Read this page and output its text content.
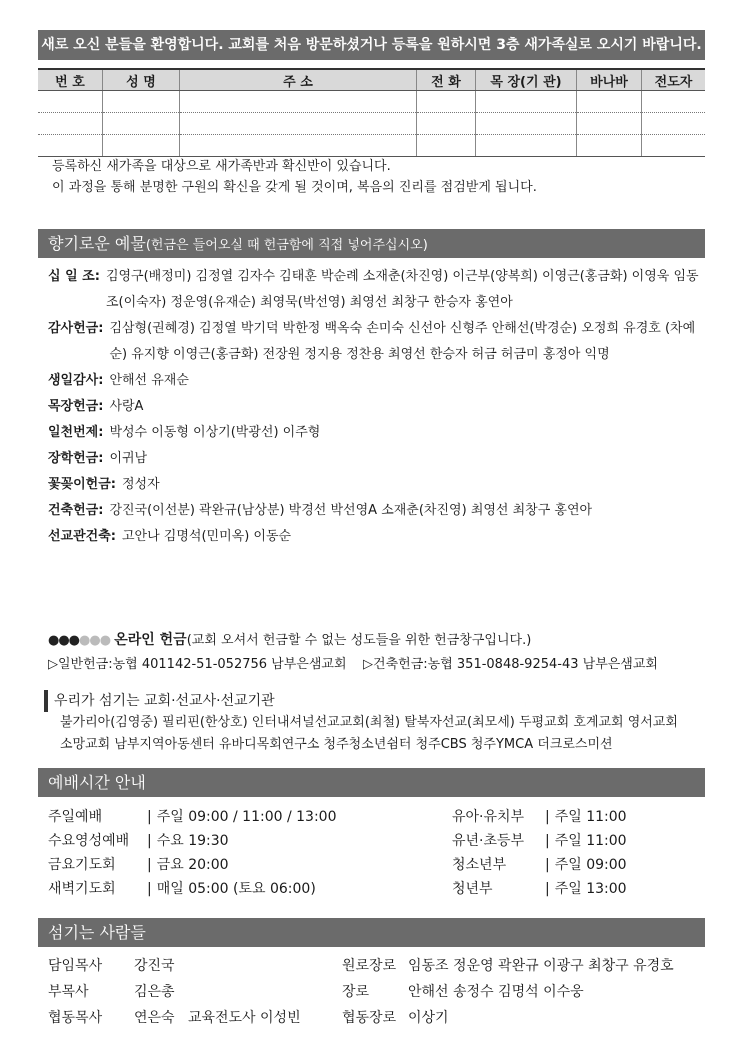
새로 오신 분들을 환영합니다. 교회를 처음 방문하셨거나 등록을 원하시면 3층 새가족실로 오시기 바랍니다.
번 호	성 명	주 소	전 화	목 장(기 관)	바나바	전도자

등록하신 새가족을 대상으로 새가족반과 확신반이 있습니다.
이 과정을 통해 분명한 구원의 확신을 갖게 될 것이며, 복음의 진리를 점검받게 됩니다.
향기로운 예물(헌금은 들어오실 때 헌금함에 직접 넣어주십시오)
십 일 조: 김영구(배정미) 김정열 김자수 김태훈 박순례 소재춘(차진영) 이근부(양복희) 이영근(홍금화) 이영욱 임동조(이숙자) 정운영(유재순) 최영묵(박선영) 최영선 최창구 한승자 홍연아
감사헌금: 김삼형(권혜경) 김정열 박기덕 박한정 백옥숙 손미숙 신선아 신형주 안해선(박경순) 오정희 유경호 (차예순) 유지향 이영근(홍금화) 전장원 정지용 정찬용 최영선 한승자 허금 허금미 홍정아 익명
생일감사: 안해선 유재순
목장헌금: 사랑A
일천번제: 박성수 이동형 이상기(박광선) 이주형
장학헌금: 이귀남
꽃꽂이헌금: 정성자
건축헌금: 강진국(이선분) 곽완규(남상분) 박경선 박선영A 소재춘(차진영) 최영선 최창구 홍연아
선교관건축: 고안나 김명석(민미옥) 이동순
●●●●●● 온라인 헌금(교회 오셔서 헌금할 수 없는 성도들을 위한 헌금창구입니다.)
▷일반헌금:농협 401142-51-052756 남부은샘교회 ▷건축헌금:농협 351-0848-9254-43 남부은샘교회
우리가 섬기는 교회·선교사·선교기관
불가리아(김영중) 필리핀(한상호) 인터내셔널선교교회(최철) 탈북자선교(최모세) 두평교회 호계교회 영서교회
소망교회 남부지역아동센터 유바디목회연구소 청주청소년쉼터 청주CBS 청주YMCA 더크로스미션
예배시간 안내
주일예배	| 주일 09:00 / 11:00 / 13:00
수요영성예배	| 수요 19:30
금요기도회	| 금요 20:00
새벽기도회	| 매일 05:00 (토요 06:00)
유아·유치부	| 주일 11:00
유년·초등부	| 주일 11:00
청소년부	| 주일 09:00
청년부	| 주일 13:00
섬기는 사람들
담임목사 강진국
부목사	김은총
협동목사 연은숙 교육전도사 이성빈
원로장로 임동조 정운영 곽완규 이광구 최창구 유경호
장로	안해선 송정수 김명석 이수웅
협동장로 이상기
